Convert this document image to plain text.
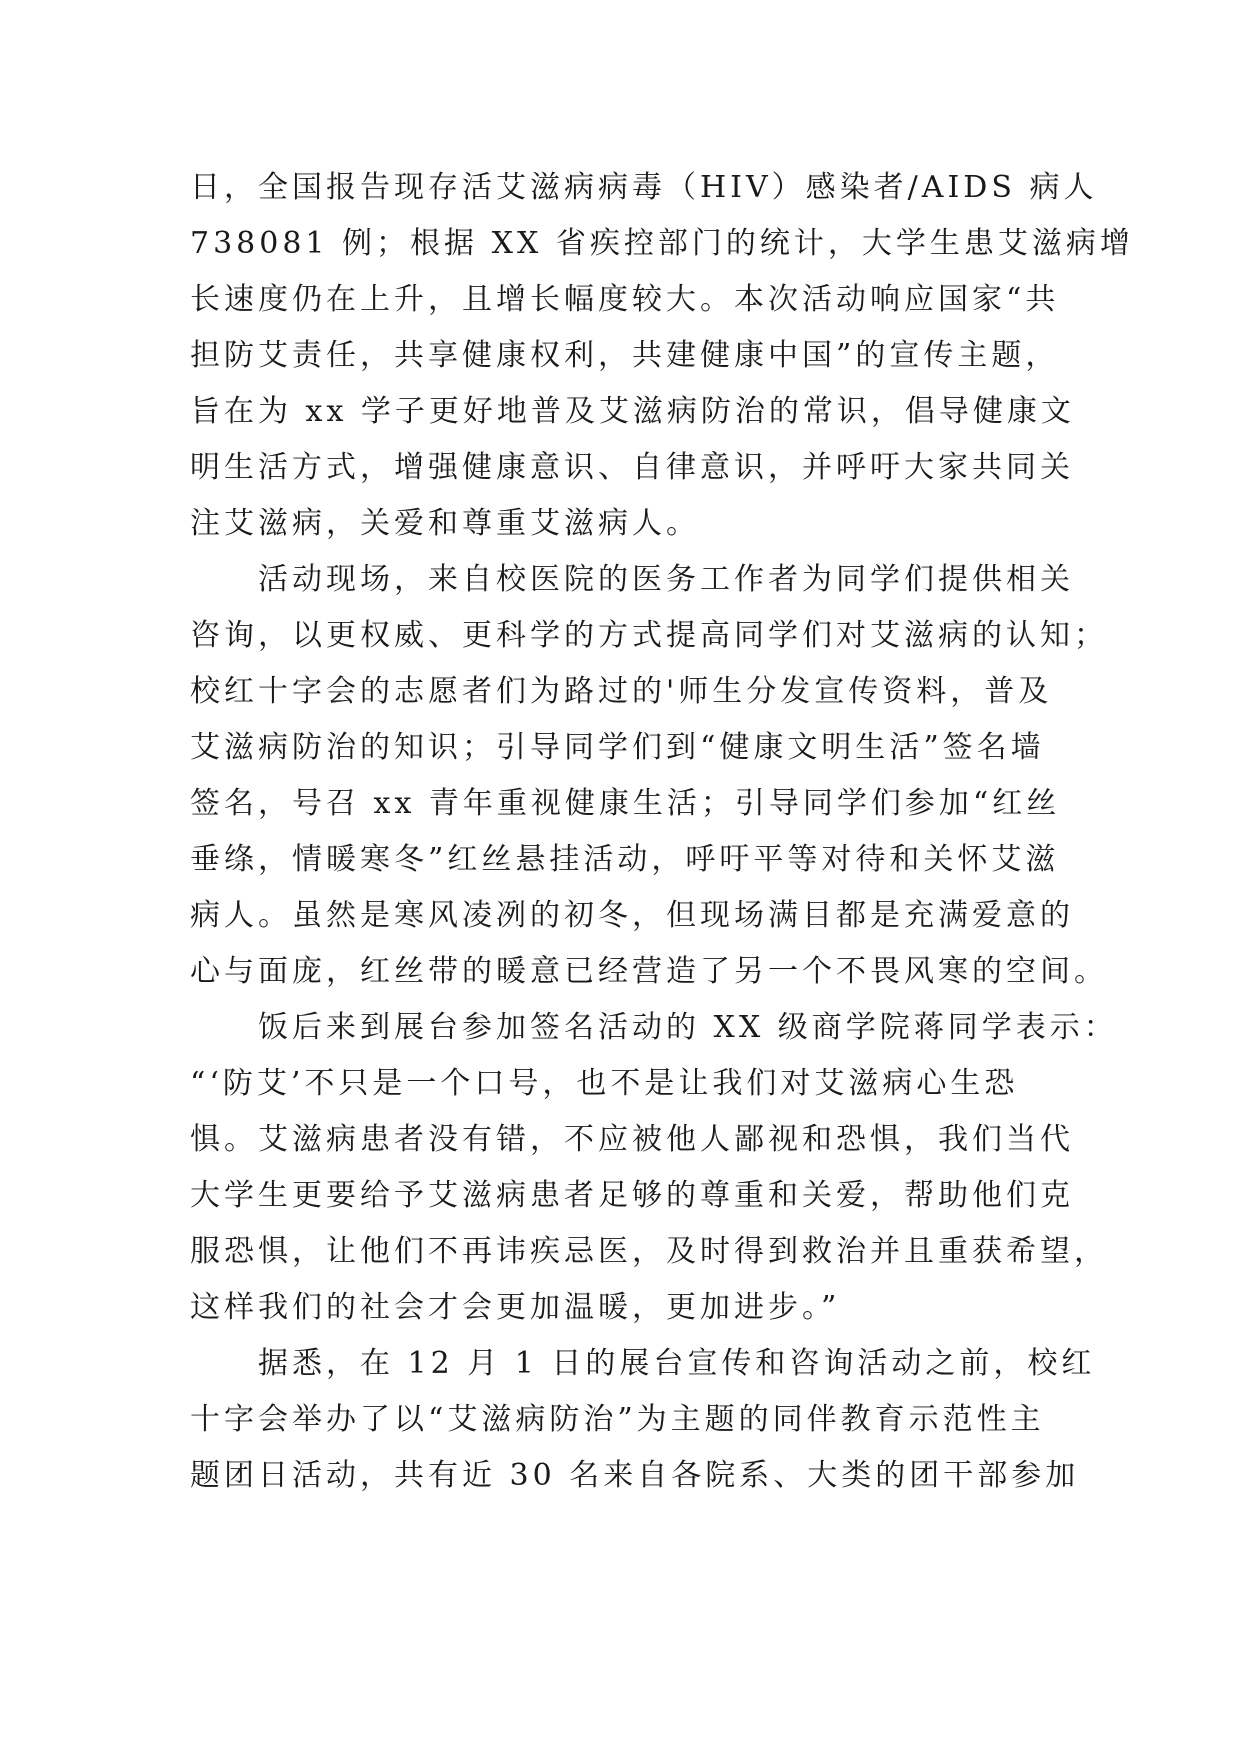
日，全国报告现存活艾滋病病毒（HIV）感染者/AIDS 病人
738081 例；根据 XX 省疾控部门的统计，大学生患艾滋病增
长速度仍在上升，且增长幅度较大。本次活动响应国家“共
担防艾责任，共享健康权利，共建健康中国”的宣传主题，
旨在为 xx 学子更好地普及艾滋病防治的常识，倡导健康文
明生活方式，增强健康意识、自律意识，并呼吁大家共同关
注艾滋病，关爱和尊重艾滋病人。
　　活动现场，来自校医院的医务工作者为同学们提供相关
咨询，以更权威、更科学的方式提高同学们对艾滋病的认知；
校红十字会的志愿者们为路过的'师生分发宣传资料，普及
艾滋病防治的知识；引导同学们到“健康文明生活”签名墙
签名，号召 xx 青年重视健康生活；引导同学们参加“红丝
垂绦，情暖寒冬”红丝悬挂活动，呼吁平等对待和关怀艾滋
病人。虽然是寒风凌冽的初冬，但现场满目都是充满爱意的
心与面庞，红丝带的暖意已经营造了另一个不畏风寒的空间。
　　饭后来到展台参加签名活动的 XX 级商学院蒋同学表示：
“‘防艾’不只是一个口号，也不是让我们对艾滋病心生恐
惧。艾滋病患者没有错，不应被他人鄙视和恐惧，我们当代
大学生更要给予艾滋病患者足够的尊重和关爱，帮助他们克
服恐惧，让他们不再讳疾忌医，及时得到救治并且重获希望，
这样我们的社会才会更加温暖，更加进步。”
　　据悉，在 12 月 1 日的展台宣传和咨询活动之前，校红
十字会举办了以“艾滋病防治”为主题的同伴教育示范性主
题团日活动，共有近 30 名来自各院系、大类的团干部参加
